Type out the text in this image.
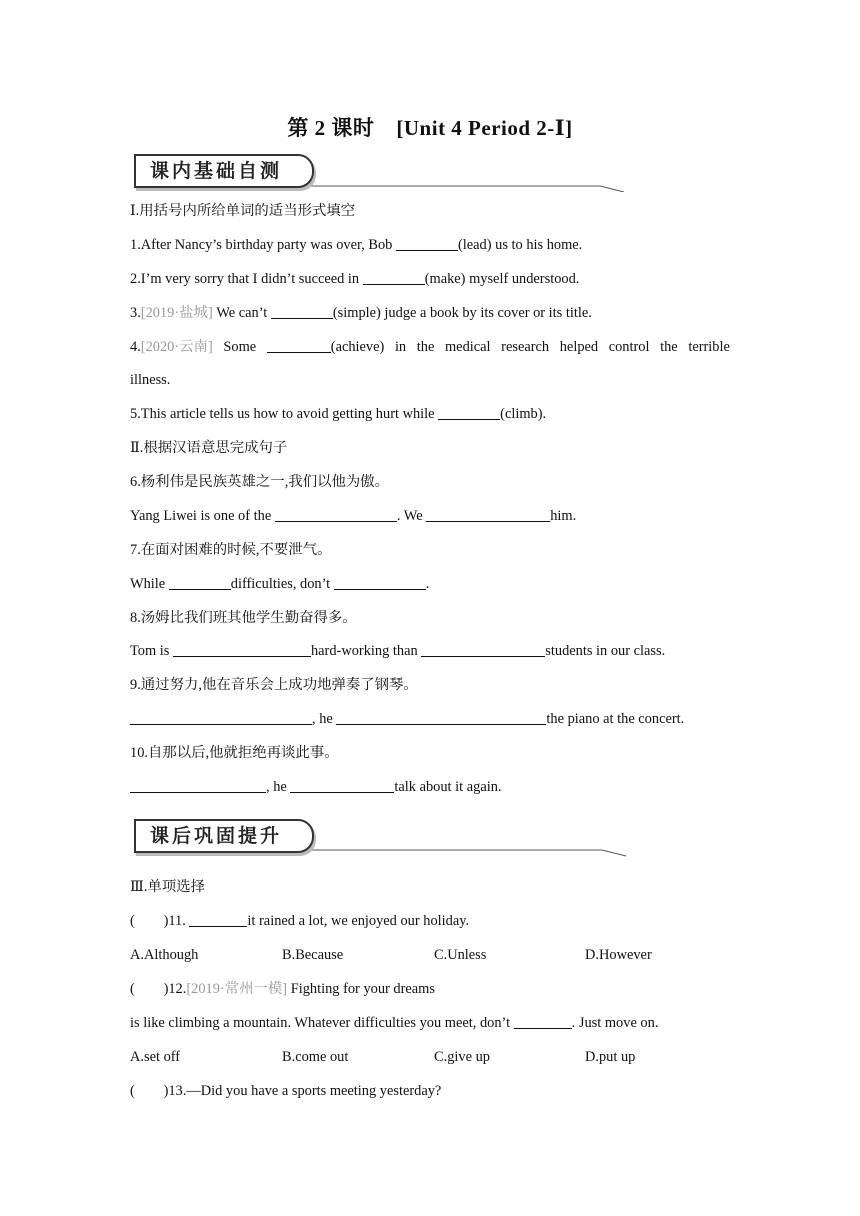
第 2 课时 [Unit 4 Period 2-Ⅰ]
课内基础自测
Ⅰ.用括号内所给单词的适当形式填空
1.After Nancy’s birthday party was over, Bob	(lead) us to his home.
2.I’m very sorry that I didn’t succeed in	(make) myself understood.
3.[2019·盐城] We can’t	(simple) judge a book by its cover or its title.
4.[2020·云南] Some	(achieve) in the medical research helped control the terrible
illness.
5.This article tells us how to avoid getting hurt while	(climb).
Ⅱ.根据汉语意思完成句子
6.杨利伟是民族英雄之一,我们以他为傲。
Yang Liwei is one of the	. We	him.
7.在面对困难的时候,不要泄气。
While	difficulties, don’t	.
8.汤姆比我们班其他学生勤奋得多。
Tom is	hard-working than	students in our class.
9.通过努力,他在音乐会上成功地弹奏了钢琴。
, he	the piano at the concert.
10.自那以后,他就拒绝再谈此事。
, he	talk about it again.
课后巩固提升
Ⅲ.单项选择
(　　)11.	it rained a lot, we enjoyed our holiday.
A.Although	B.Because	C.Unless	D.However
(　　)12.[2019·常州一模] Fighting for your dreams
is like climbing a mountain. Whatever difficulties you meet, don’t	. Just move on.
A.set off	B.come out	C.give up	D.put up
(　　)13.—Did you have a sports meeting yesterday?
